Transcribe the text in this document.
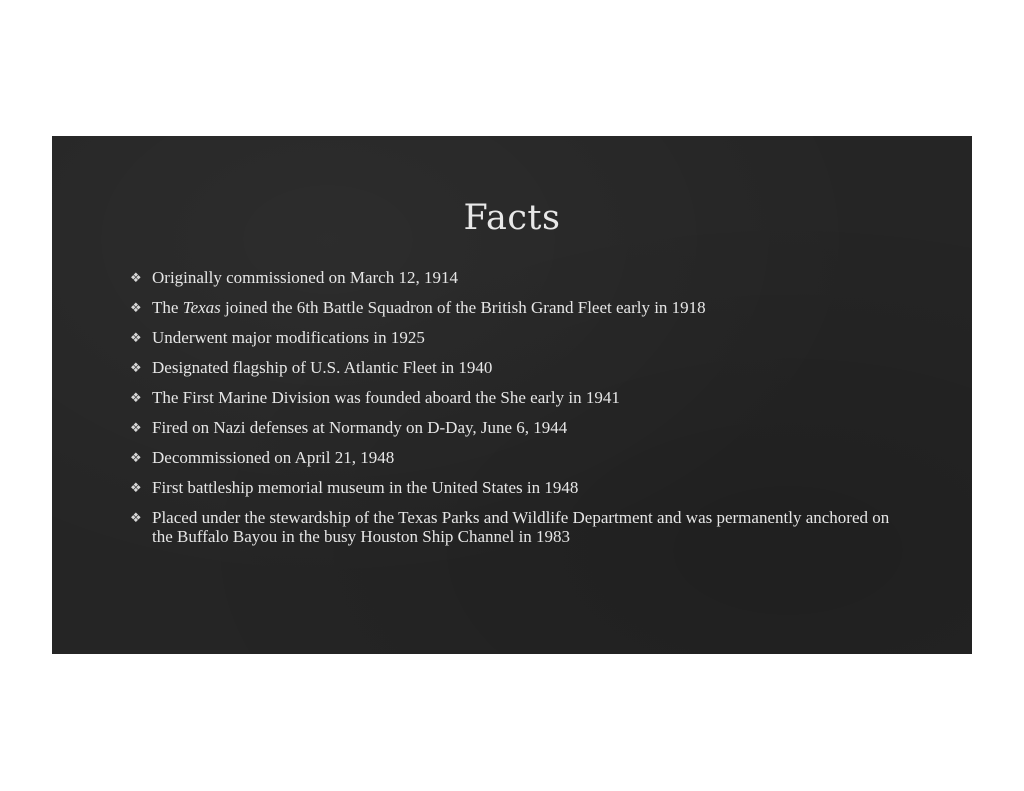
Facts
❖ Originally commissioned on March 12, 1914
❖ The Texas joined the 6th Battle Squadron of the British Grand Fleet early in 1918
❖ Underwent major modifications in 1925
❖ Designated flagship of U.S. Atlantic Fleet in 1940
❖ The First Marine Division was founded aboard the She early in 1941
❖ Fired on Nazi defenses at Normandy on D-Day, June 6, 1944
❖ Decommissioned on April 21, 1948
❖ First battleship memorial museum in the United States in 1948
❖ Placed under the stewardship of the Texas Parks and Wildlife Department and was permanently anchored on the Buffalo Bayou in the busy Houston Ship Channel in 1983
